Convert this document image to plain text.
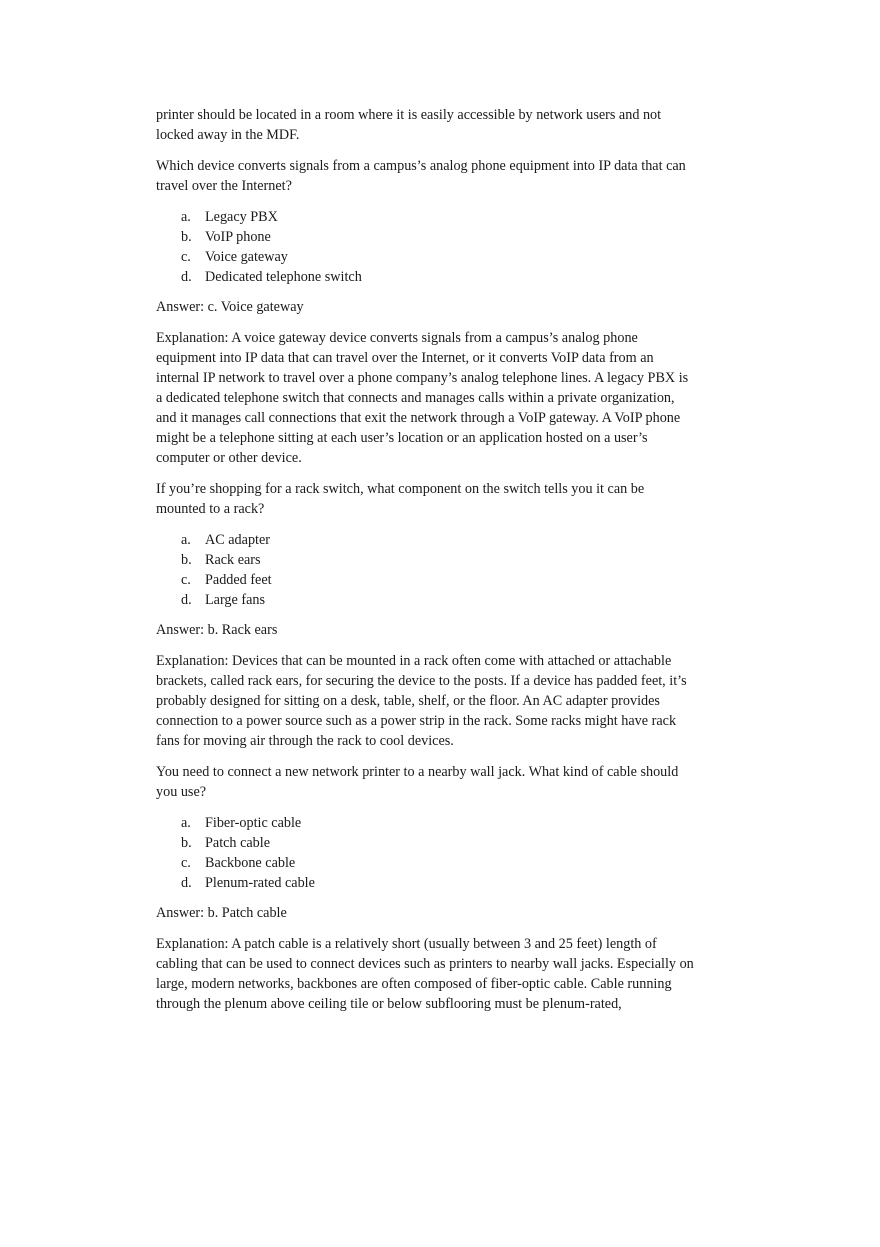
printer should be located in a room where it is easily accessible by network users and not locked away in the MDF.

Which device converts signals from a campus’s analog phone equipment into IP data that can travel over the Internet?

a. Legacy PBX
b. VoIP phone
c. Voice gateway
d. Dedicated telephone switch

Answer: c. Voice gateway

Explanation: A voice gateway device converts signals from a campus’s analog phone equipment into IP data that can travel over the Internet, or it converts VoIP data from an internal IP network to travel over a phone company’s analog telephone lines. A legacy PBX is a dedicated telephone switch that connects and manages calls within a private organization, and it manages call connections that exit the network through a VoIP gateway. A VoIP phone might be a telephone sitting at each user’s location or an application hosted on a user’s computer or other device.

If you’re shopping for a rack switch, what component on the switch tells you it can be mounted to a rack?

a. AC adapter
b. Rack ears
c. Padded feet
d. Large fans

Answer: b. Rack ears

Explanation: Devices that can be mounted in a rack often come with attached or attachable brackets, called rack ears, for securing the device to the posts. If a device has padded feet, it’s probably designed for sitting on a desk, table, shelf, or the floor. An AC adapter provides connection to a power source such as a power strip in the rack. Some racks might have rack fans for moving air through the rack to cool devices.

You need to connect a new network printer to a nearby wall jack. What kind of cable should you use?

a. Fiber-optic cable
b. Patch cable
c. Backbone cable
d. Plenum-rated cable

Answer: b. Patch cable

Explanation: A patch cable is a relatively short (usually between 3 and 25 feet) length of cabling that can be used to connect devices such as printers to nearby wall jacks. Especially on large, modern networks, backbones are often composed of fiber-optic cable. Cable running through the plenum above ceiling tile or below subflooring must be plenum-rated,
